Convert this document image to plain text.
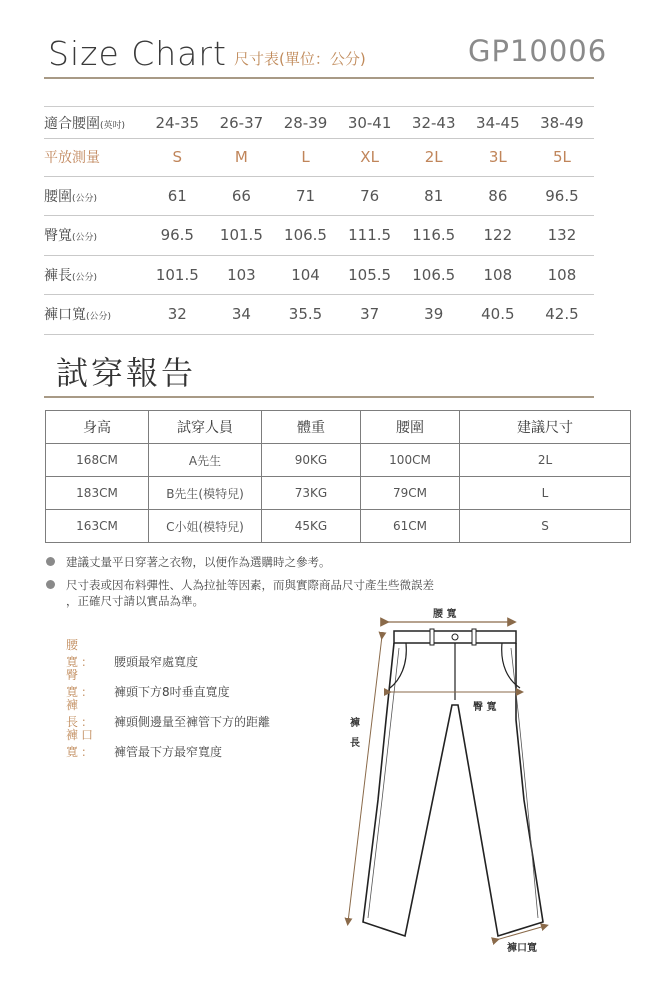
Size Chart 尺寸表(單位：公分)	GP10006
適合腰圍(英吋)	24-35	26-37	28-39	30-41	32-43	34-45	38-49
平放測量	S	M	L	XL	2L	3L	5L
腰圍(公分)	61	66	71	76	81	86	96.5
臀寬(公分)	96.5	101.5	106.5	111.5	116.5	122	132
褲長(公分)	101.5	103	104	105.5	106.5	108	108
褲口寬(公分)	32	34	35.5	37	39	40.5	42.5
試穿報告
身高	試穿人員	體重	腰圍	建議尺寸
168CM	A先生	90KG	100CM	2L
183CM	B先生(模特兒)	73KG	79CM	L
163CM	C小姐(模特兒)	45KG	61CM	S
建議丈量平日穿著之衣物，以便作為選購時之參考。
尺寸表或因布料彈性、人為拉扯等因素，而與實際商品尺寸產生些微誤差
，正確尺寸請以實品為準。
腰　寬： 腰頭最窄處寬度
臀　寬： 褲頭下方8吋垂直寬度
褲　長： 褲頭側邊量至褲管下方的距離
褲口寬： 褲管最下方最窄寬度
腰 寬
臀 寬
褲
長
褲口寬
